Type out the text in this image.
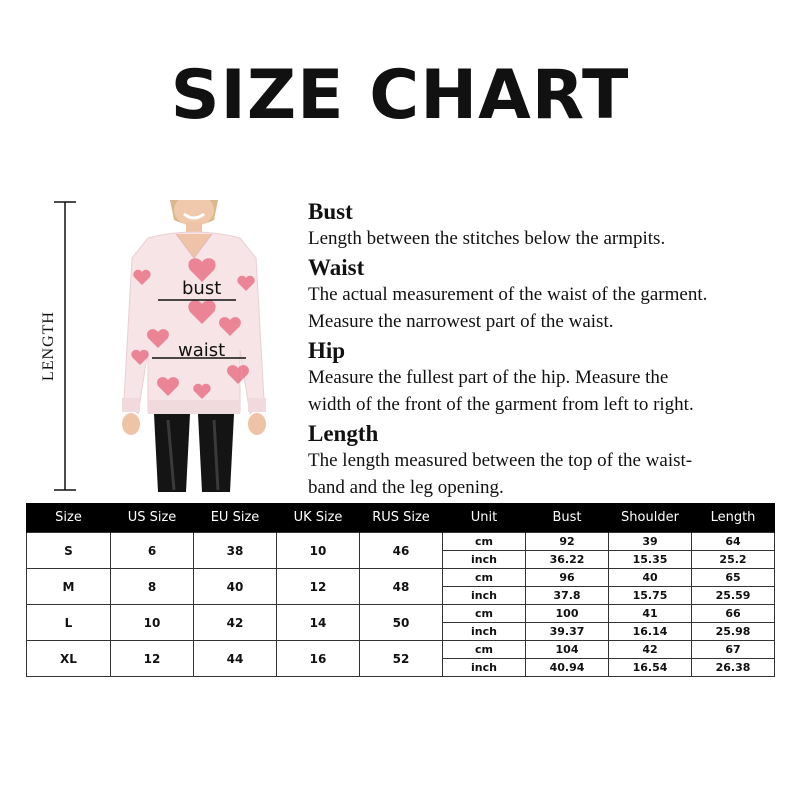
SIZE CHART
LENGTH
bust
waist
Bust

Length between the stitches below the armpits.

Waist

The actual measurement of the waist of the garment.
Measure the narrowest part of the waist.

Hip

Measure the fullest part of the hip. Measure the
width of the front of the garment from left to right.

Length

The length measured between the top of the waist-
band and the leg opening.

Size	US Size	EU Size	UK Size	RUS Size	Unit	Bust	Shoulder	Length
S	6	38	10	46	cm	92	39	64
					inch	36.22	15.35	25.2
M	8	40	12	48	cm	96	40	65
					inch	37.8	15.75	25.59
L	10	42	14	50	cm	100	41	66
					inch	39.37	16.14	25.98
XL	12	44	16	52	cm	104	42	67
					inch	40.94	16.54	26.38
